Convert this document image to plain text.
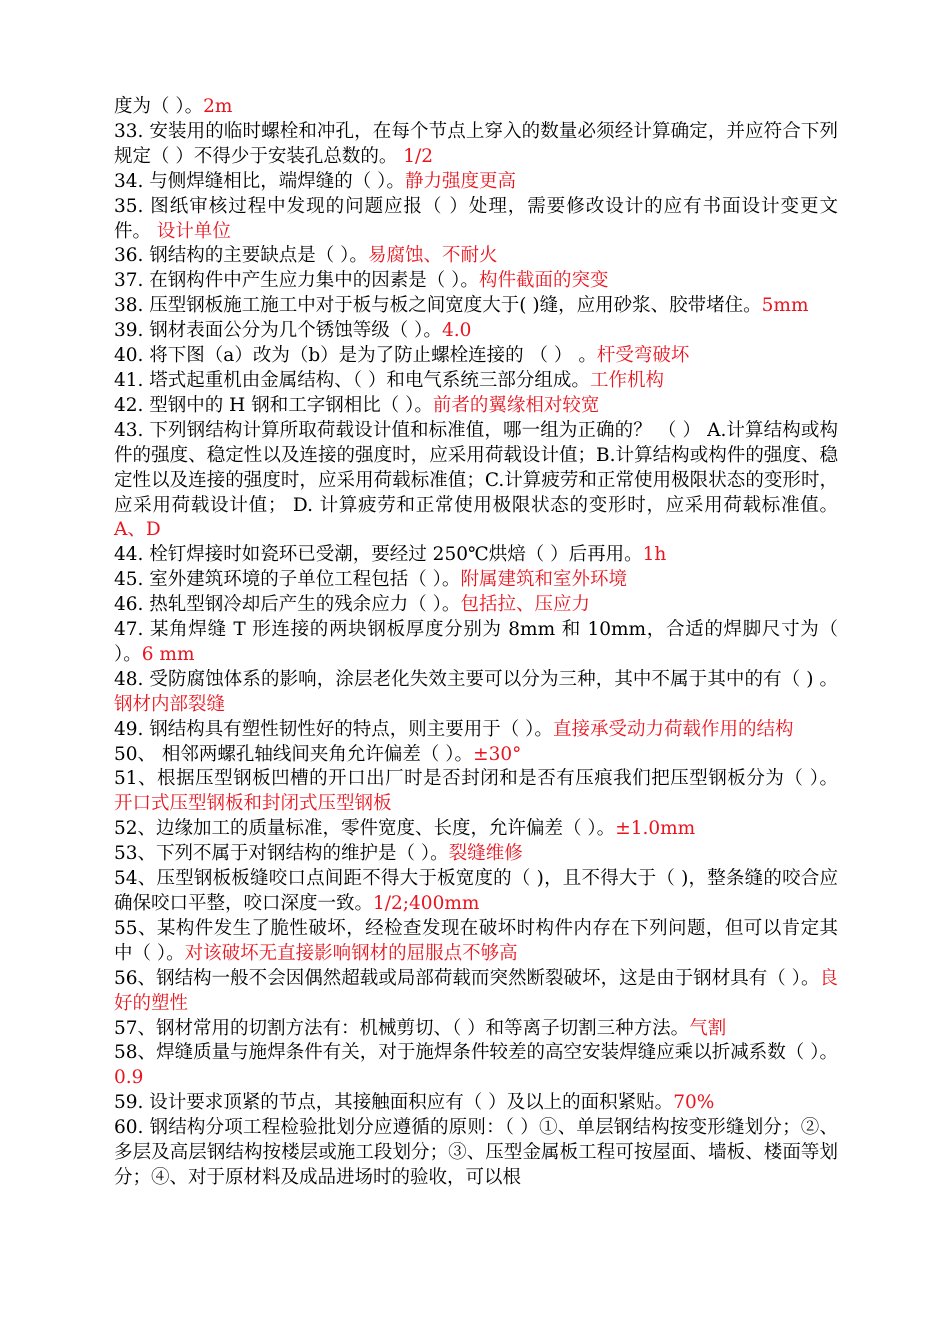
度为（ ）。2m

33. 安装用的临时螺栓和冲孔，在每个节点上穿入的数量必须经计算确定，并应符合下列规定（ ）不得少于安装孔总数的。 1/2

34. 与侧焊缝相比，端焊缝的（ ）。静力强度更高

35. 图纸审核过程中发现的问题应报（ ）处理，需要修改设计的应有书面设计变更文件。 设计单位

36. 钢结构的主要缺点是（ ）。易腐蚀、不耐火

37. 在钢构件中产生应力集中的因素是（ ）。构件截面的突变

38. 压型钢板施工施工中对于板与板之间宽度大于( )缝，应用砂浆、胶带堵住。5mm

39. 钢材表面公分为几个锈蚀等级（ ）。4.0

40. 将下图（a）改为（b）是为了防止螺栓连接的 （ ） 。杆受弯破坏

41. 塔式起重机由金属结构、（ ）和电气系统三部分组成。工作机构

42. 型钢中的 H 钢和工字钢相比（ ）。前者的翼缘相对较宽

43. 下列钢结构计算所取荷载设计值和标准值，哪一组为正确的？ （ ） A.计算结构或构件的强度、稳定性以及连接的强度时，应采用荷载设计值；B.计算结构或构件的强度、稳定性以及连接的强度时，应采用荷载标准值；C.计算疲劳和正常使用极限状态的变形时，应采用荷载设计值； D. 计算疲劳和正常使用极限状态的变形时，应采用荷载标准值。A、D

44. 栓钉焊接时如瓷环已受潮，要经过 250℃烘焙（ ）后再用。1h

45. 室外建筑环境的子单位工程包括（ ）。附属建筑和室外环境

46. 热轧型钢冷却后产生的残余应力（ ）。包括拉、压应力

47. 某角焊缝 T 形连接的两块钢板厚度分别为 8mm 和 10mm，合适的焊脚尺寸为（ ）。6 mm

48. 受防腐蚀体系的影响，涂层老化失效主要可以分为三种，其中不属于其中的有（ ) 。钢材内部裂缝

49. 钢结构具有塑性韧性好的特点，则主要用于（ ）。直接承受动力荷载作用的结构

50、 相邻两螺孔轴线间夹角允许偏差（ ）。±30°

51、根据压型钢板凹槽的开口出厂时是否封闭和是否有压痕我们把压型钢板分为（ ）。 开口式压型钢板和封闭式压型钢板

52、边缘加工的质量标准，零件宽度、长度，允许偏差（ ）。±1.0mm

53、下列不属于对钢结构的维护是（ ）。裂缝维修

54、压型钢板板缝咬口点间距不得大于板宽度的（ )，且不得大于（ )，整条缝的咬合应确保咬口平整，咬口深度一致。1/2;400mm

55、某构件发生了脆性破坏，经检查发现在破坏时构件内存在下列问题，但可以肯定其中（ ）。对该破坏无直接影响钢材的屈服点不够高

56、钢结构一般不会因偶然超载或局部荷载而突然断裂破坏，这是由于钢材具有（ ）。良好的塑性

57、钢材常用的切割方法有：机械剪切、（ ）和等离子切割三种方法。气割

58、焊缝质量与施焊条件有关，对于施焊条件较差的高空安装焊缝应乘以折减系数（ ）。0.9

59. 设计要求顶紧的节点，其接触面积应有（ ）及以上的面积紧贴。70%

60. 钢结构分项工程检验批划分应遵循的原则：（ ）①、单层钢结构按变形缝划分；②、多层及高层钢结构按楼层或施工段划分；③、压型金属板工程可按屋面、墙板、楼面等划分；④、对于原材料及成品进场时的验收，可以根
